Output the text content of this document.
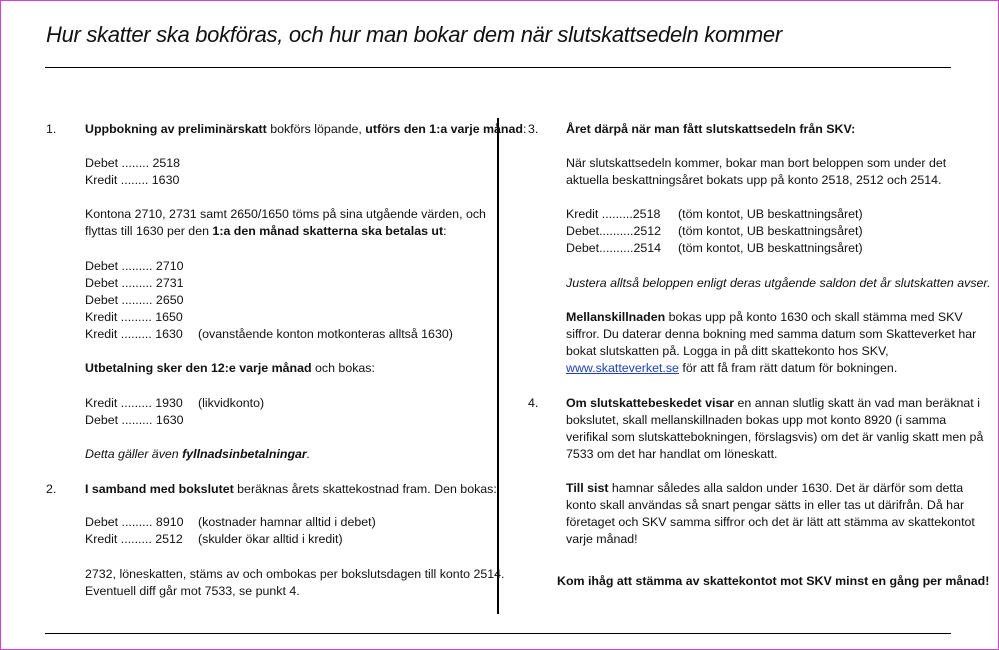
Hur skatter ska bokföras, och hur man bokar dem när slutskattsedeln kommer
1. Uppbokning av preliminärskatt bokförs löpande, utförs den 1:a varje månad:
Debet ........ 2518
Kredit ........ 1630
Kontona 2710, 2731 samt 2650/1650 töms på sina utgående värden, och
flyttas till 1630 per den 1:a den månad skatterna ska betalas ut:
Debet ......... 2710
Debet ......... 2731
Debet ......... 2650
Kredit ......... 1650
Kredit ......... 1630 (ovanstående konton motkonteras alltså 1630)
Utbetalning sker den 12:e varje månad och bokas:
Kredit ......... 1930 (likvidkonto)
Debet ......... 1630
Detta gäller även fyllnadsinbetalningar.
2. I samband med bokslutet beräknas årets skattekostnad fram. Den bokas:
Debet ......... 8910 (kostnader hamnar alltid i debet)
Kredit ......... 2512 (skulder ökar alltid i kredit)
2732, löneskatten, stäms av och ombokas per bokslutsdagen till konto 2514.
Eventuell diff går mot 7533, se punkt 4.
3. Året därpå när man fått slutskattsedeln från SKV:
När slutskattsedeln kommer, bokar man bort beloppen som under det
aktuella beskattningsåret bokats upp på konto 2518, 2512 och 2514.
Kredit .........2518 (töm kontot, UB beskattningsåret)
Debet..........2512 (töm kontot, UB beskattningsåret)
Debet..........2514 (töm kontot, UB beskattningsåret)
Justera alltså beloppen enligt deras utgående saldon det år slutskatten avser.
Mellanskillnaden bokas upp på konto 1630 och skall stämma med SKV
siffror. Du daterar denna bokning med samma datum som Skatteverket har
bokat slutskatten på. Logga in på ditt skattekonto hos SKV,
www.skatteverket.se för att få fram rätt datum för bokningen.
4. Om slutskattebeskedet visar en annan slutlig skatt än vad man beräknat i
bokslutet, skall mellanskillnaden bokas upp mot konto 8920 (i samma
verifikal som slutskattebokningen, förslagsvis) om det är vanlig skatt men på
7533 om det har handlat om löneskatt.
Till sist hamnar således alla saldon under 1630. Det är därför som detta
konto skall användas så snart pengar sätts in eller tas ut därifrån. Då har
företaget och SKV samma siffror och det är lätt att stämma av skattekontot
varje månad!
Kom ihåg att stämma av skattekontot mot SKV minst en gång per månad!
